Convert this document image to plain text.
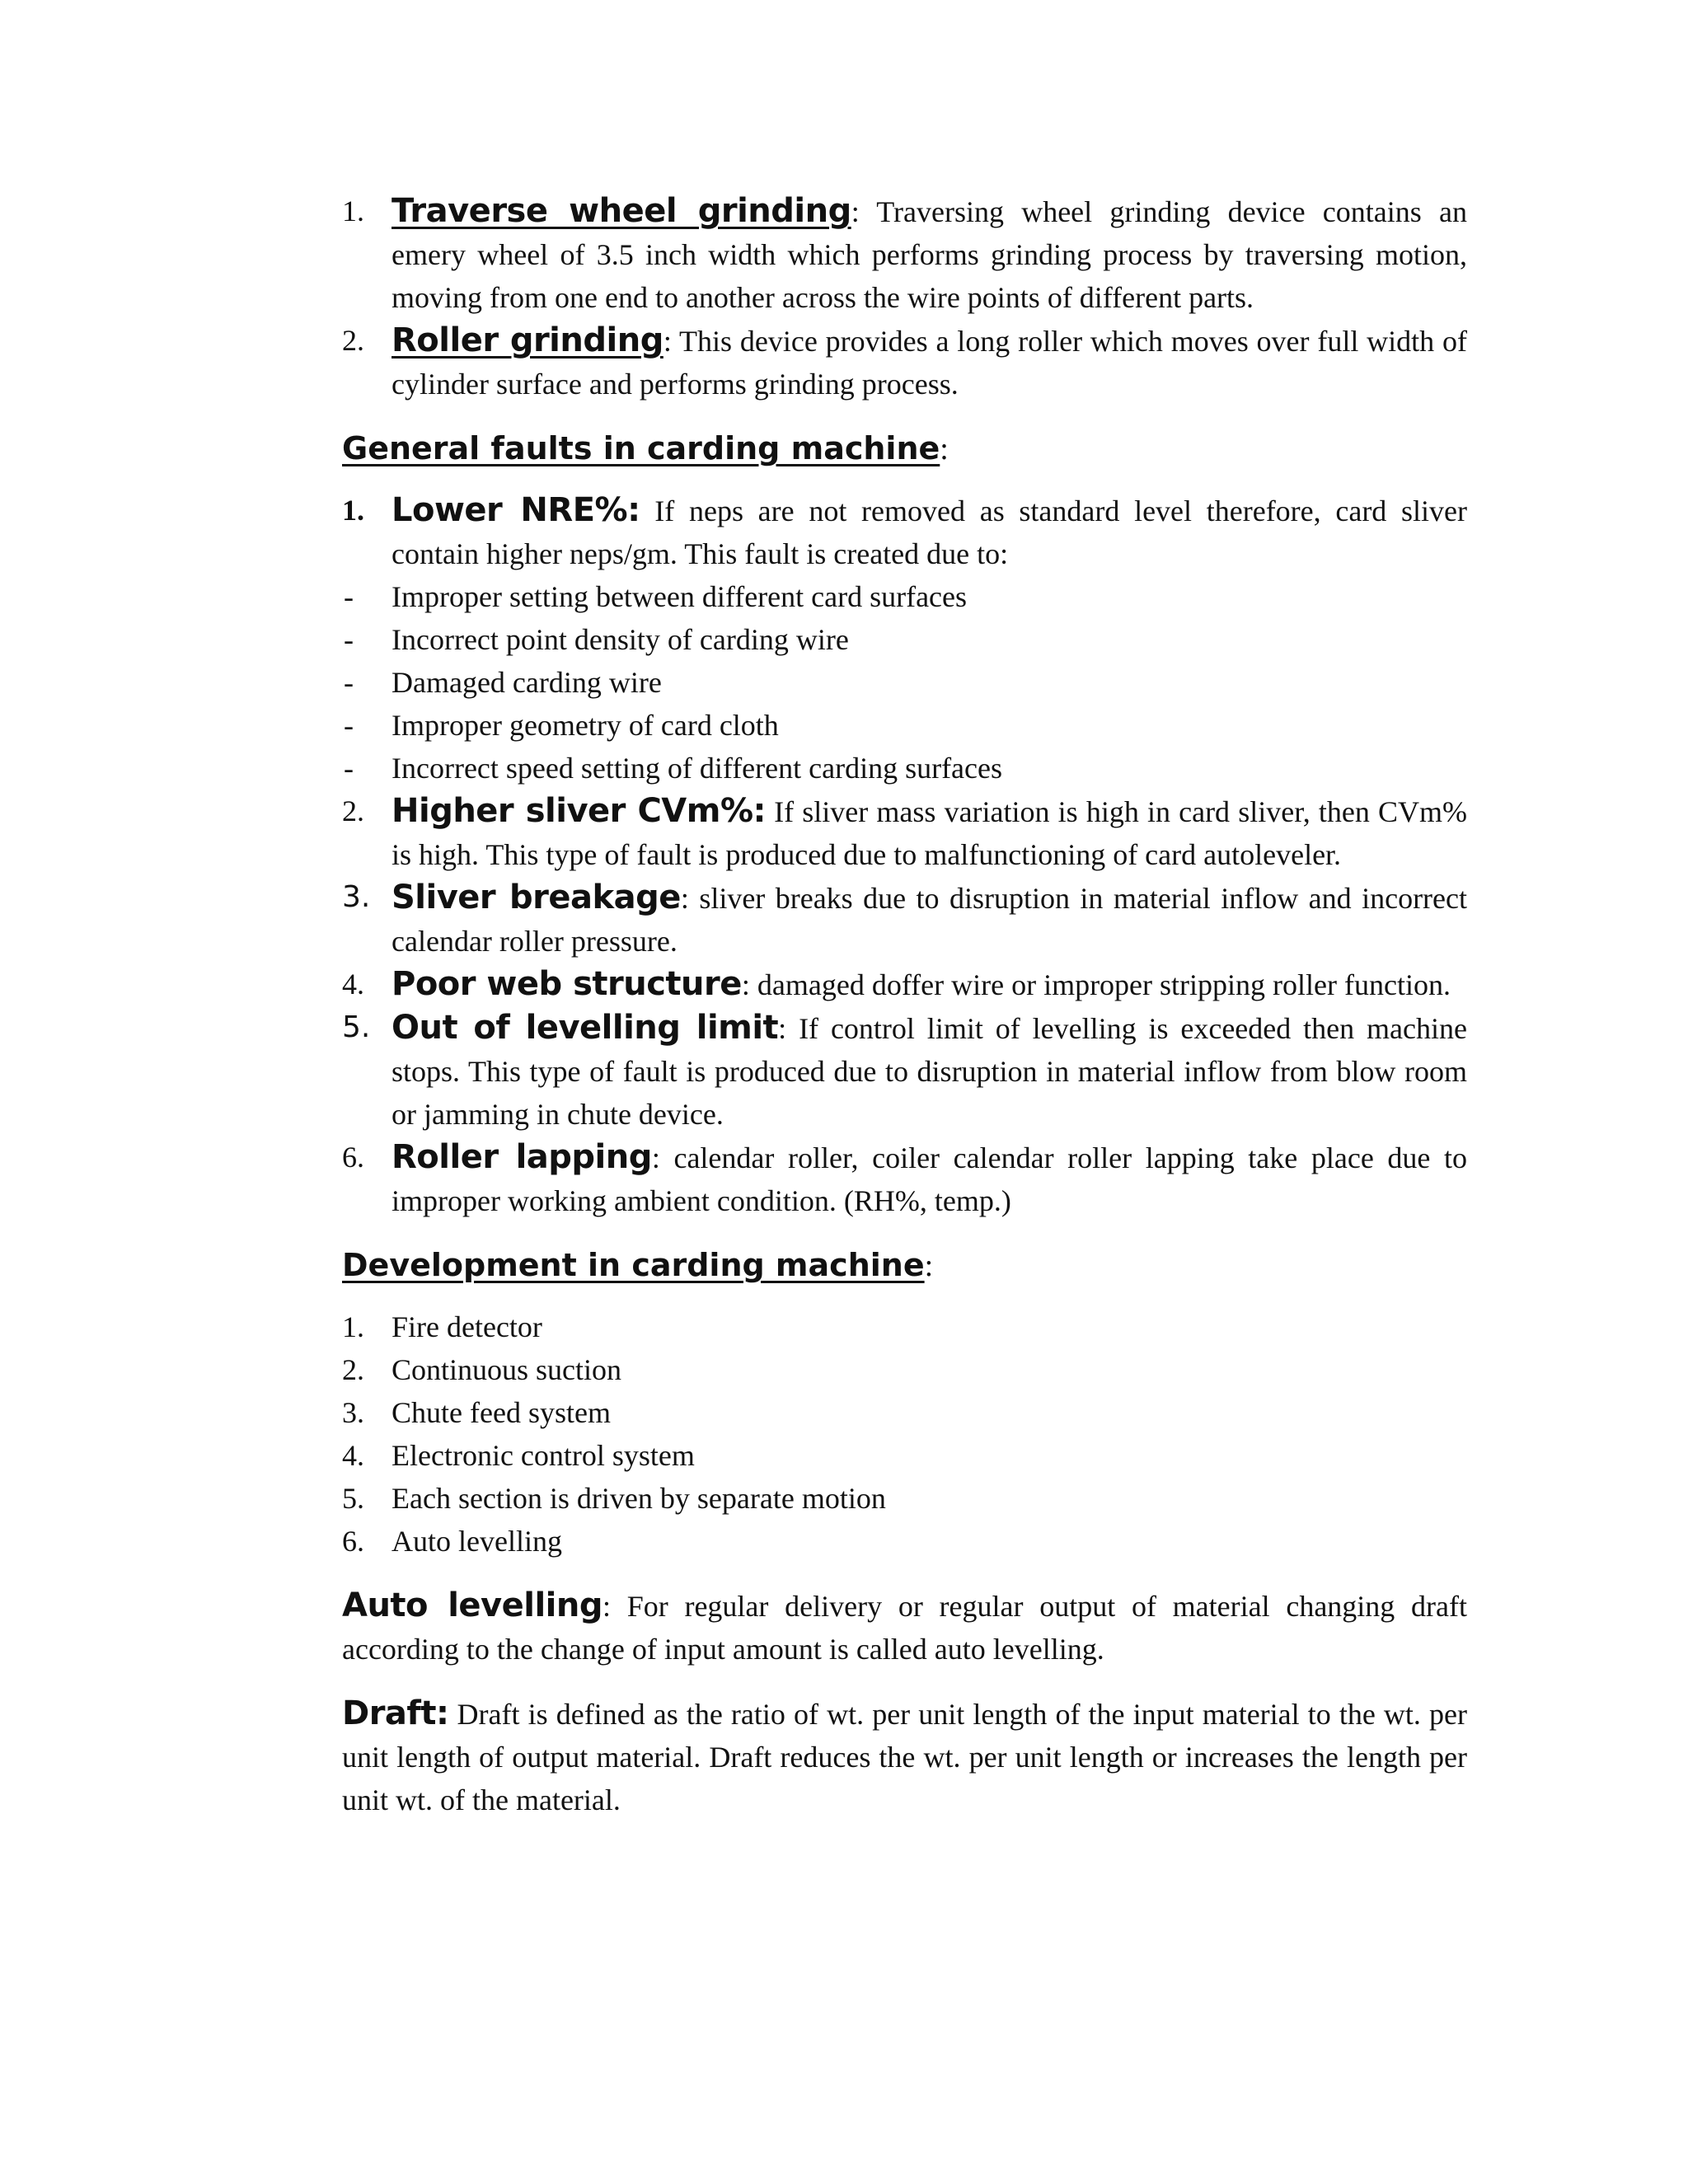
1. Traverse wheel grinding: Traversing wheel grinding device contains an emery wheel of 3.5 inch width which performs grinding process by traversing motion, moving from one end to another across the wire points of different parts.
2. Roller grinding: This device provides a long roller which moves over full width of cylinder surface and performs grinding process.
General faults in carding machine:
1. Lower NRE%: If neps are not removed as standard level therefore, card sliver contain higher neps/gm. This fault is created due to:
- Improper setting between different card surfaces
- Incorrect point density of carding wire
- Damaged carding wire
- Improper geometry of card cloth
- Incorrect speed setting of different carding surfaces
2. Higher sliver CVm%: If sliver mass variation is high in card sliver, then CVm% is high. This type of fault is produced due to malfunctioning of card autoleveler.
3. Sliver breakage: sliver breaks due to disruption in material inflow and incorrect calendar roller pressure.
4. Poor web structure: damaged doffer wire or improper stripping roller function.
5. Out of levelling limit: If control limit of levelling is exceeded then machine stops. This type of fault is produced due to disruption in material inflow from blow room or jamming in chute device.
6. Roller lapping: calendar roller, coiler calendar roller lapping take place due to improper working ambient condition. (RH%, temp.)
Development in carding machine:
1. Fire detector
2. Continuous suction
3. Chute feed system
4. Electronic control system
5. Each section is driven by separate motion
6. Auto levelling

Auto levelling: For regular delivery or regular output of material changing draft according to the change of input amount is called auto levelling.

Draft: Draft is defined as the ratio of wt. per unit length of the input material to the wt. per unit length of output material. Draft reduces the wt. per unit length or increases the length per unit wt. of the material.
